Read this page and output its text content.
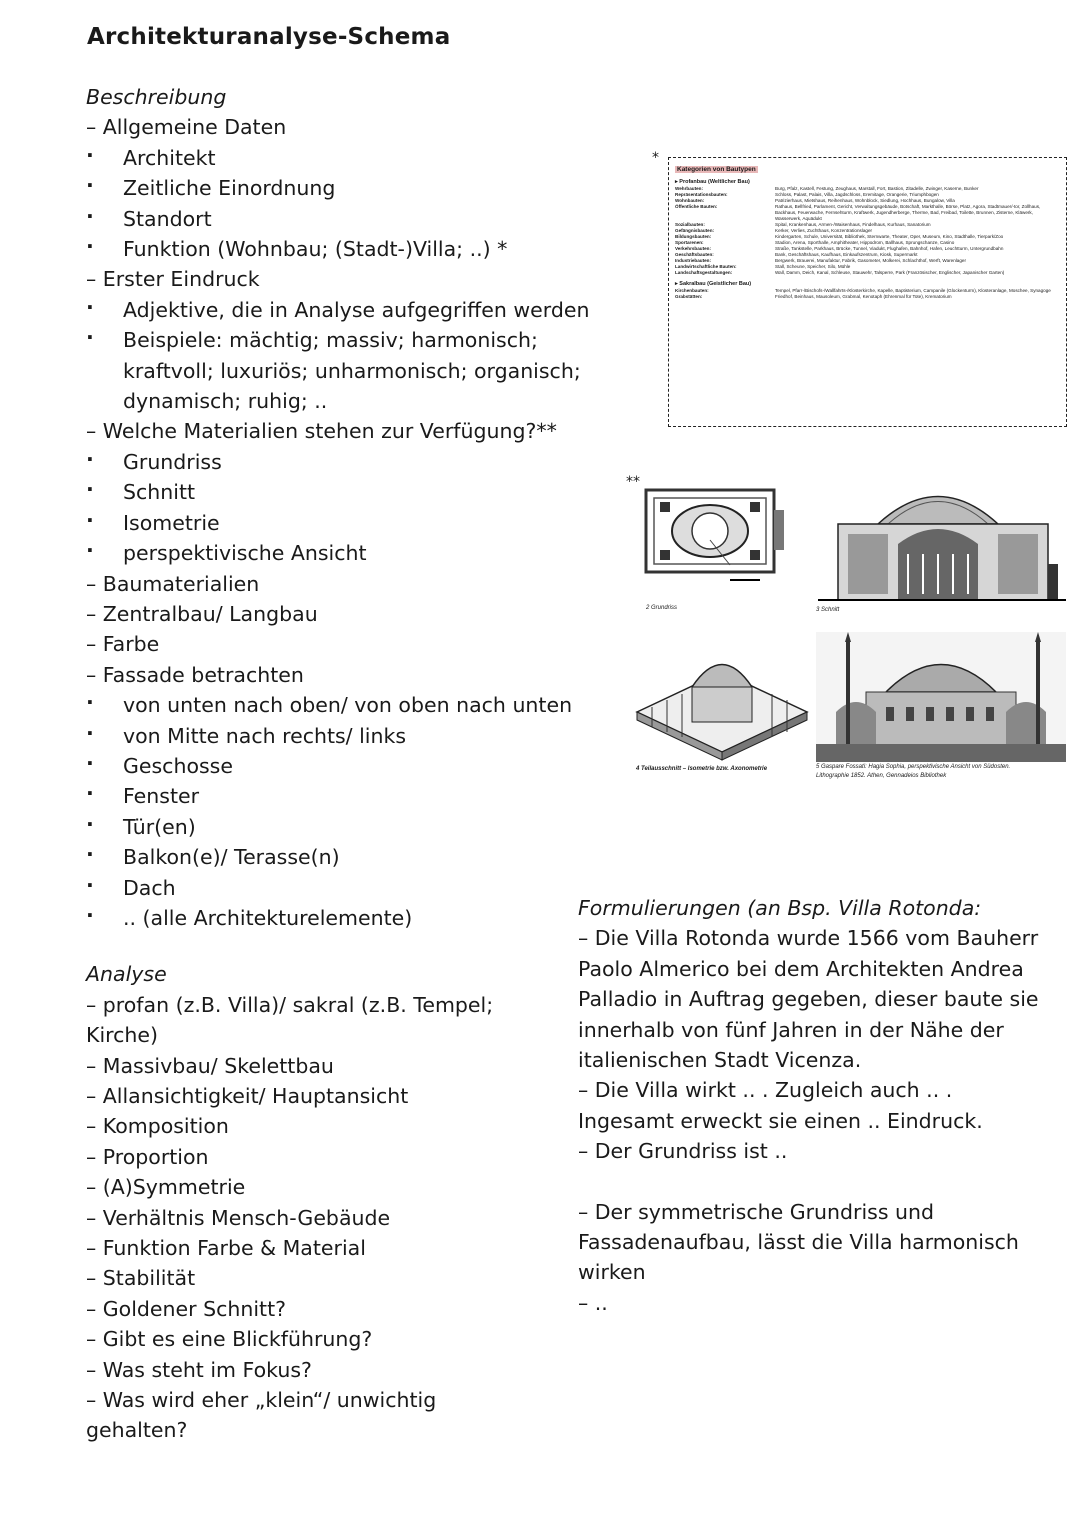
Architekturanalyse-Schema
Beschreibung
– Allgemeine Daten
· Architekt
· Zeitliche Einordnung
· Standort
· Funktion (Wohnbau; (Stadt-)Villa; ..) *
– Erster Eindruck
· Adjektive, die in Analyse aufgegriffen werden
· Beispiele: mächtig; massiv; harmonisch; kraftvoll; luxuriös; unharmonisch; organisch; dynamisch; ruhig; ..
– Welche Materialien stehen zur Verfügung?**
· Grundriss
· Schnitt
· Isometrie
· perspektivische Ansicht
– Baumaterialien
– Zentralbau/ Langbau
– Farbe
– Fassade betrachten
· von unten nach oben/ von oben nach unten
· von Mitte nach rechts/ links
· Geschosse
· Fenster
· Tür(en)
· Balkon(e)/ Terasse(n)
· Dach
· .. (alle Architekturelemente)
Analyse
– profan (z.B. Villa)/ sakral (z.B. Tempel; Kirche)
– Massivbau/ Skelettbau
– Allansichtigkeit/ Hauptansicht
– Komposition
– Proportion
– (A)Symmetrie
– Verhältnis Mensch-Gebäude
– Funktion Farbe & Material
– Stabilität
– Goldener Schnitt?
– Gibt es eine Blickführung?
– Was steht im Fokus?
– Was wird eher „klein“/ unwichtig gehalten?
Formulierungen (an Bsp. Villa Rotonda:
– Die Villa Rotonda wurde 1566 vom Bauherr Paolo Almerico bei dem Architekten Andrea Palladio in Auftrag gegeben, dieser baute sie innerhalb von fünf Jahren in der Nähe der italienischen Stadt Vicenza.
– Die Villa wirkt .. . Zugleich auch .. . Ingesamt erweckt sie einen .. Eindruck.
– Der Grundriss ist ..
– Der symmetrische Grundriss und Fassadenaufbau, lässt die Villa harmonisch wirken
– ..
*
Kategorien von Bautypen
▸ Profanbau (Weltlicher Bau)
Wehrbauten:	Burg, Pfalz, Kastell, Festung, Zeughaus, Marstall, Fort, Bastion, Zitadelle, Zwinger, Kaserne, Bunker
Repräsentationsbauten:	Schloss, Palast, Palais, Villa, Jagdschloss, Eremitage, Orangerie, Triumphbogen
Wohnbauten:	Patrizierhaus, Mietshaus, Reihenhaus, Wohnblock, Siedlung, Hochhaus, Bungalow, Villa
Öffentliche Bauten:	Rathaus, Bellfried, Parlament, Gericht, Verwaltungsgebäude, Botschaft, Markthalle, Börse, Platz, Agora, Stadtmauer/-tor, Zollhaus, Backhaus, Feuerwache, Fernsehturm, Kraftwerk, Jugendherberge, Therme, Bad, Freibad, Toilette, Brunnen, Zisterne, Kläwerk, Wasserwerk, Aquädukt
Sozialbauten:	Spital, Krankenhaus, Armen-/Waisenhaus, Findelhaus, Kurhaus, Sanatorium
Gefängnisbauten:	Kerker, Verlies, Zuchthaus, Konzentrationslager
Bildungsbauten:	Kindergarten, Schule, Universität, Bibliothek, Sternwarte, Theater, Oper, Museum, Kino, Stadthalle, Tierpark/Zoo
Sportarenen:	Stadion, Arena, Sporthalle, Amphitheater, Hippodrom, Ballhaus, Sprungschanze, Casino
Verkehrsbauten:	Straße, Tankstelle, Parkhaus, Brücke, Tunnel, Viadukt, Flughafen, Bahnhof, Hafen, Leuchtturm, Untergrundbahn
Geschäftsbauten:	Bank, Geschäftshaus, Kaufhaus, Einkaufszentrum, Kiosk, Supermarkt
Industriebauten:	Bergwerk, Brauerei, Manufaktur, Fabrik, Gasometer, Molkerei, Schlachthof, Werft, Warenlager
Landwirtschaftliche Bauten:	Stall, Scheune, Speicher, Silo, Mühle
Landschaftsgestaltungen:	Wall, Damm, Deich, Kanal, Schleuse, Stauwehr, Talsperre, Park (Französischer, Englischer, Japanischer Garten)
▸ Sakralbau (Geistlicher Bau)
Kirchenbauten:	Tempel, Pfarr-/Bischofs-/Wallfahrts-/Klosterkirche, Kapelle, Baptisterium, Campanile (Glockenturm), Klosteranlage, Moschee, Synagoge
Grabstätten:	Friedhof, Beinhaus, Mausoleum, Grabmal, Kenotaph (Ehrenmal für Tote), Krematorium
**
2 Grundriss	3 Schnitt
4 Teilausschnitt – Isometrie bzw. Axonometrie	5 Gaspare Fossati: Hagia Sophia, perspektivische Ansicht von Südosten.
Lithographie 1852. Athen, Gennadeios Bibliothek
